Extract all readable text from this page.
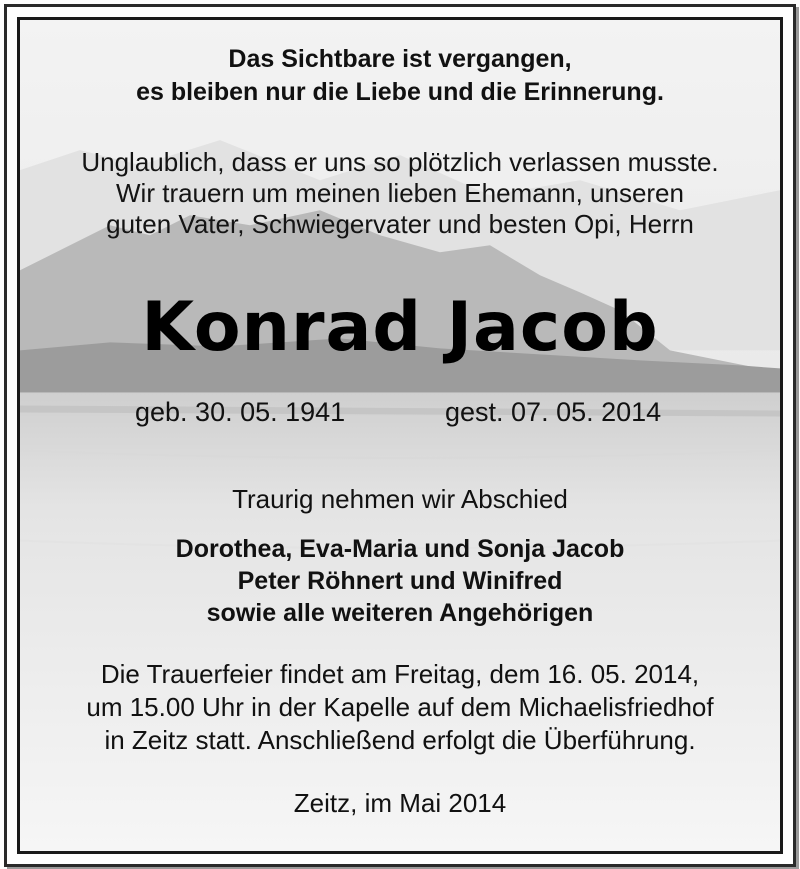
Das Sichtbare ist vergangen,
es bleiben nur die Liebe und die Erinnerung.
Unglaublich, dass er uns so plötzlich verlassen musste.
Wir trauern um meinen lieben Ehemann, unseren
guten Vater, Schwiegervater und besten Opi, Herrn
Konrad Jacob
geb. 30. 05. 1941	gest. 07. 05. 2014
Traurig nehmen wir Abschied
Dorothea, Eva-Maria und Sonja Jacob
Peter Röhnert und Winifred
sowie alle weiteren Angehörigen
Die Trauerfeier findet am Freitag, dem 16. 05. 2014,
um 15.00 Uhr in der Kapelle auf dem Michaelisfriedhof
in Zeitz statt. Anschließend erfolgt die Überführung.
Zeitz, im Mai 2014
